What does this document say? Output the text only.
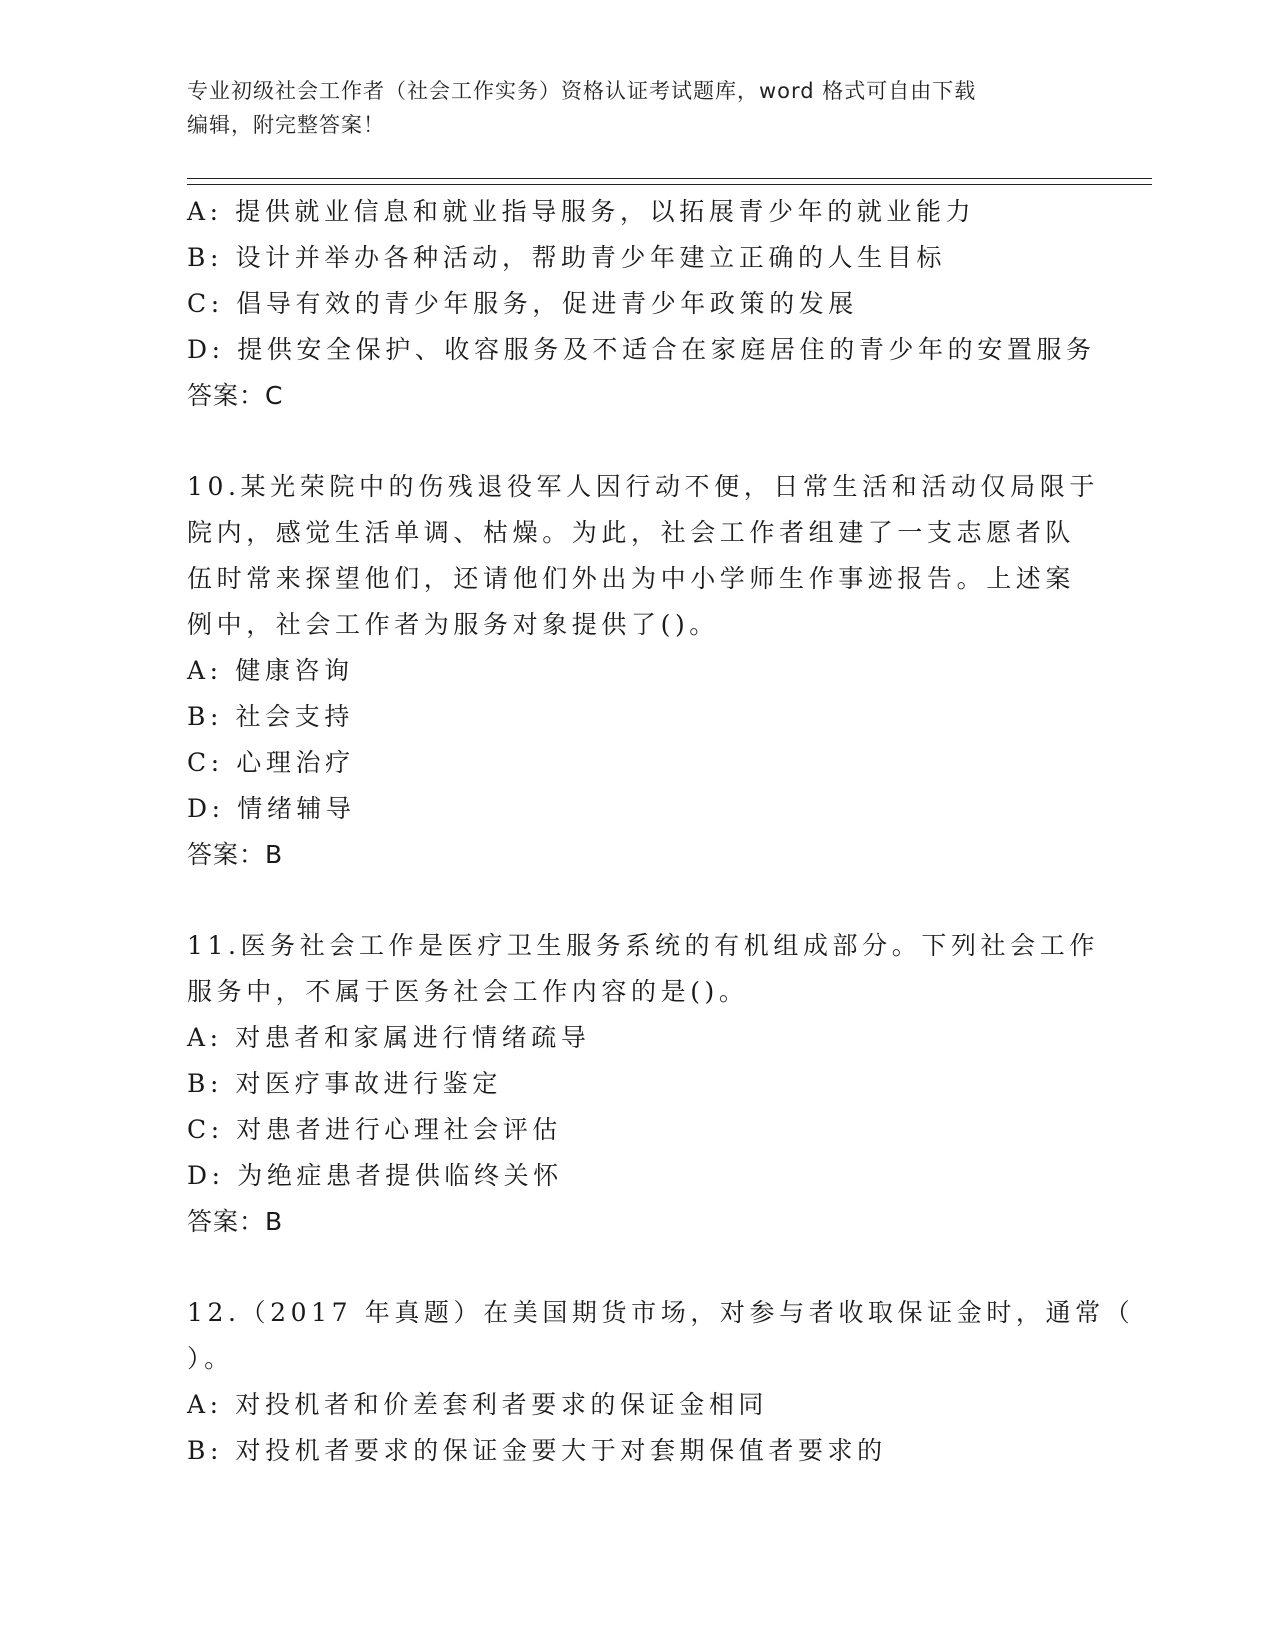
专业初级社会工作者（社会工作实务）资格认证考试题库，word 格式可自由下载
编辑，附完整答案！
A: 提供就业信息和就业指导服务，以拓展青少年的就业能力
B: 设计并举办各种活动，帮助青少年建立正确的人生目标
C: 倡导有效的青少年服务，促进青少年政策的发展
D: 提供安全保护、收容服务及不适合在家庭居住的青少年的安置服务
答案：C
10.某光荣院中的伤残退役军人因行动不便，日常生活和活动仅局限于
院内，感觉生活单调、枯燥。为此，社会工作者组建了一支志愿者队
伍时常来探望他们，还请他们外出为中小学师生作事迹报告。上述案
例中，社会工作者为服务对象提供了()。
A: 健康咨询
B: 社会支持
C: 心理治疗
D: 情绪辅导
答案：B
11.医务社会工作是医疗卫生服务系统的有机组成部分。下列社会工作
服务中，不属于医务社会工作内容的是()。
A: 对患者和家属进行情绪疏导
B: 对医疗事故进行鉴定
C: 对患者进行心理社会评估
D: 为绝症患者提供临终关怀
答案：B
12.（2017 年真题）在美国期货市场，对参与者收取保证金时，通常（
）。
A: 对投机者和价差套利者要求的保证金相同
B: 对投机者要求的保证金要大于对套期保值者要求的
